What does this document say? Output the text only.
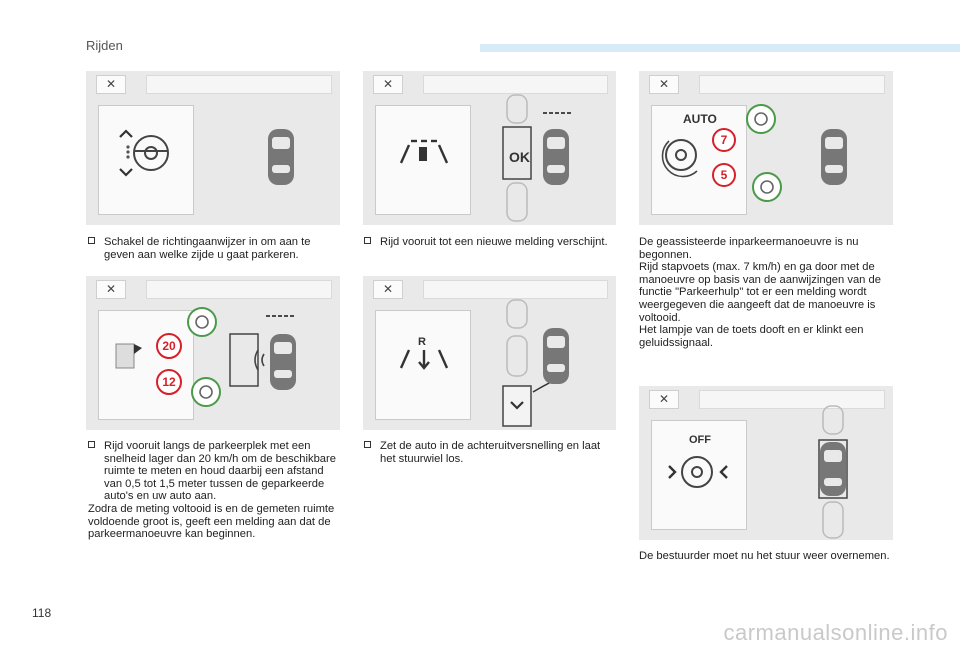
Rijden
✕	✕
OK
✕
AUTO
7
5
Schakel de richtingaanwijzer in om aan te geven aan welke zijde u gaat parkeren.
Rijd vooruit tot een nieuwe melding verschijnt.	De geassisteerde inparkeermanoeuvre is nu begonnen.
Rijd stapvoets (max. 7 km/h) en ga door met de manoeuvre op basis van de aanwijzingen van de functie "Parkeerhulp" tot er een melding wordt weergegeven die aangeeft dat de manoeuvre is voltooid.
Het lampje van de toets dooft en er klinkt een geluidssignaal.
✕
20
12
✕
R
Rijd vooruit langs de parkeerplek met een snelheid lager dan 20 km/h om de beschikbare ruimte te meten en houd daarbij een afstand van 0,5 tot 1,5 meter tussen de geparkeerde auto's en uw auto aan.
Zodra de meting voltooid is en de gemeten ruimte voldoende groot is, geeft een melding aan dat de parkeermanoeuvre kan beginnen.
Zet de auto in de achteruitversnelling en laat het stuurwiel los.
✕
OFF
De bestuurder moet nu het stuur weer overnemen.
118
carmanualsonline.info
